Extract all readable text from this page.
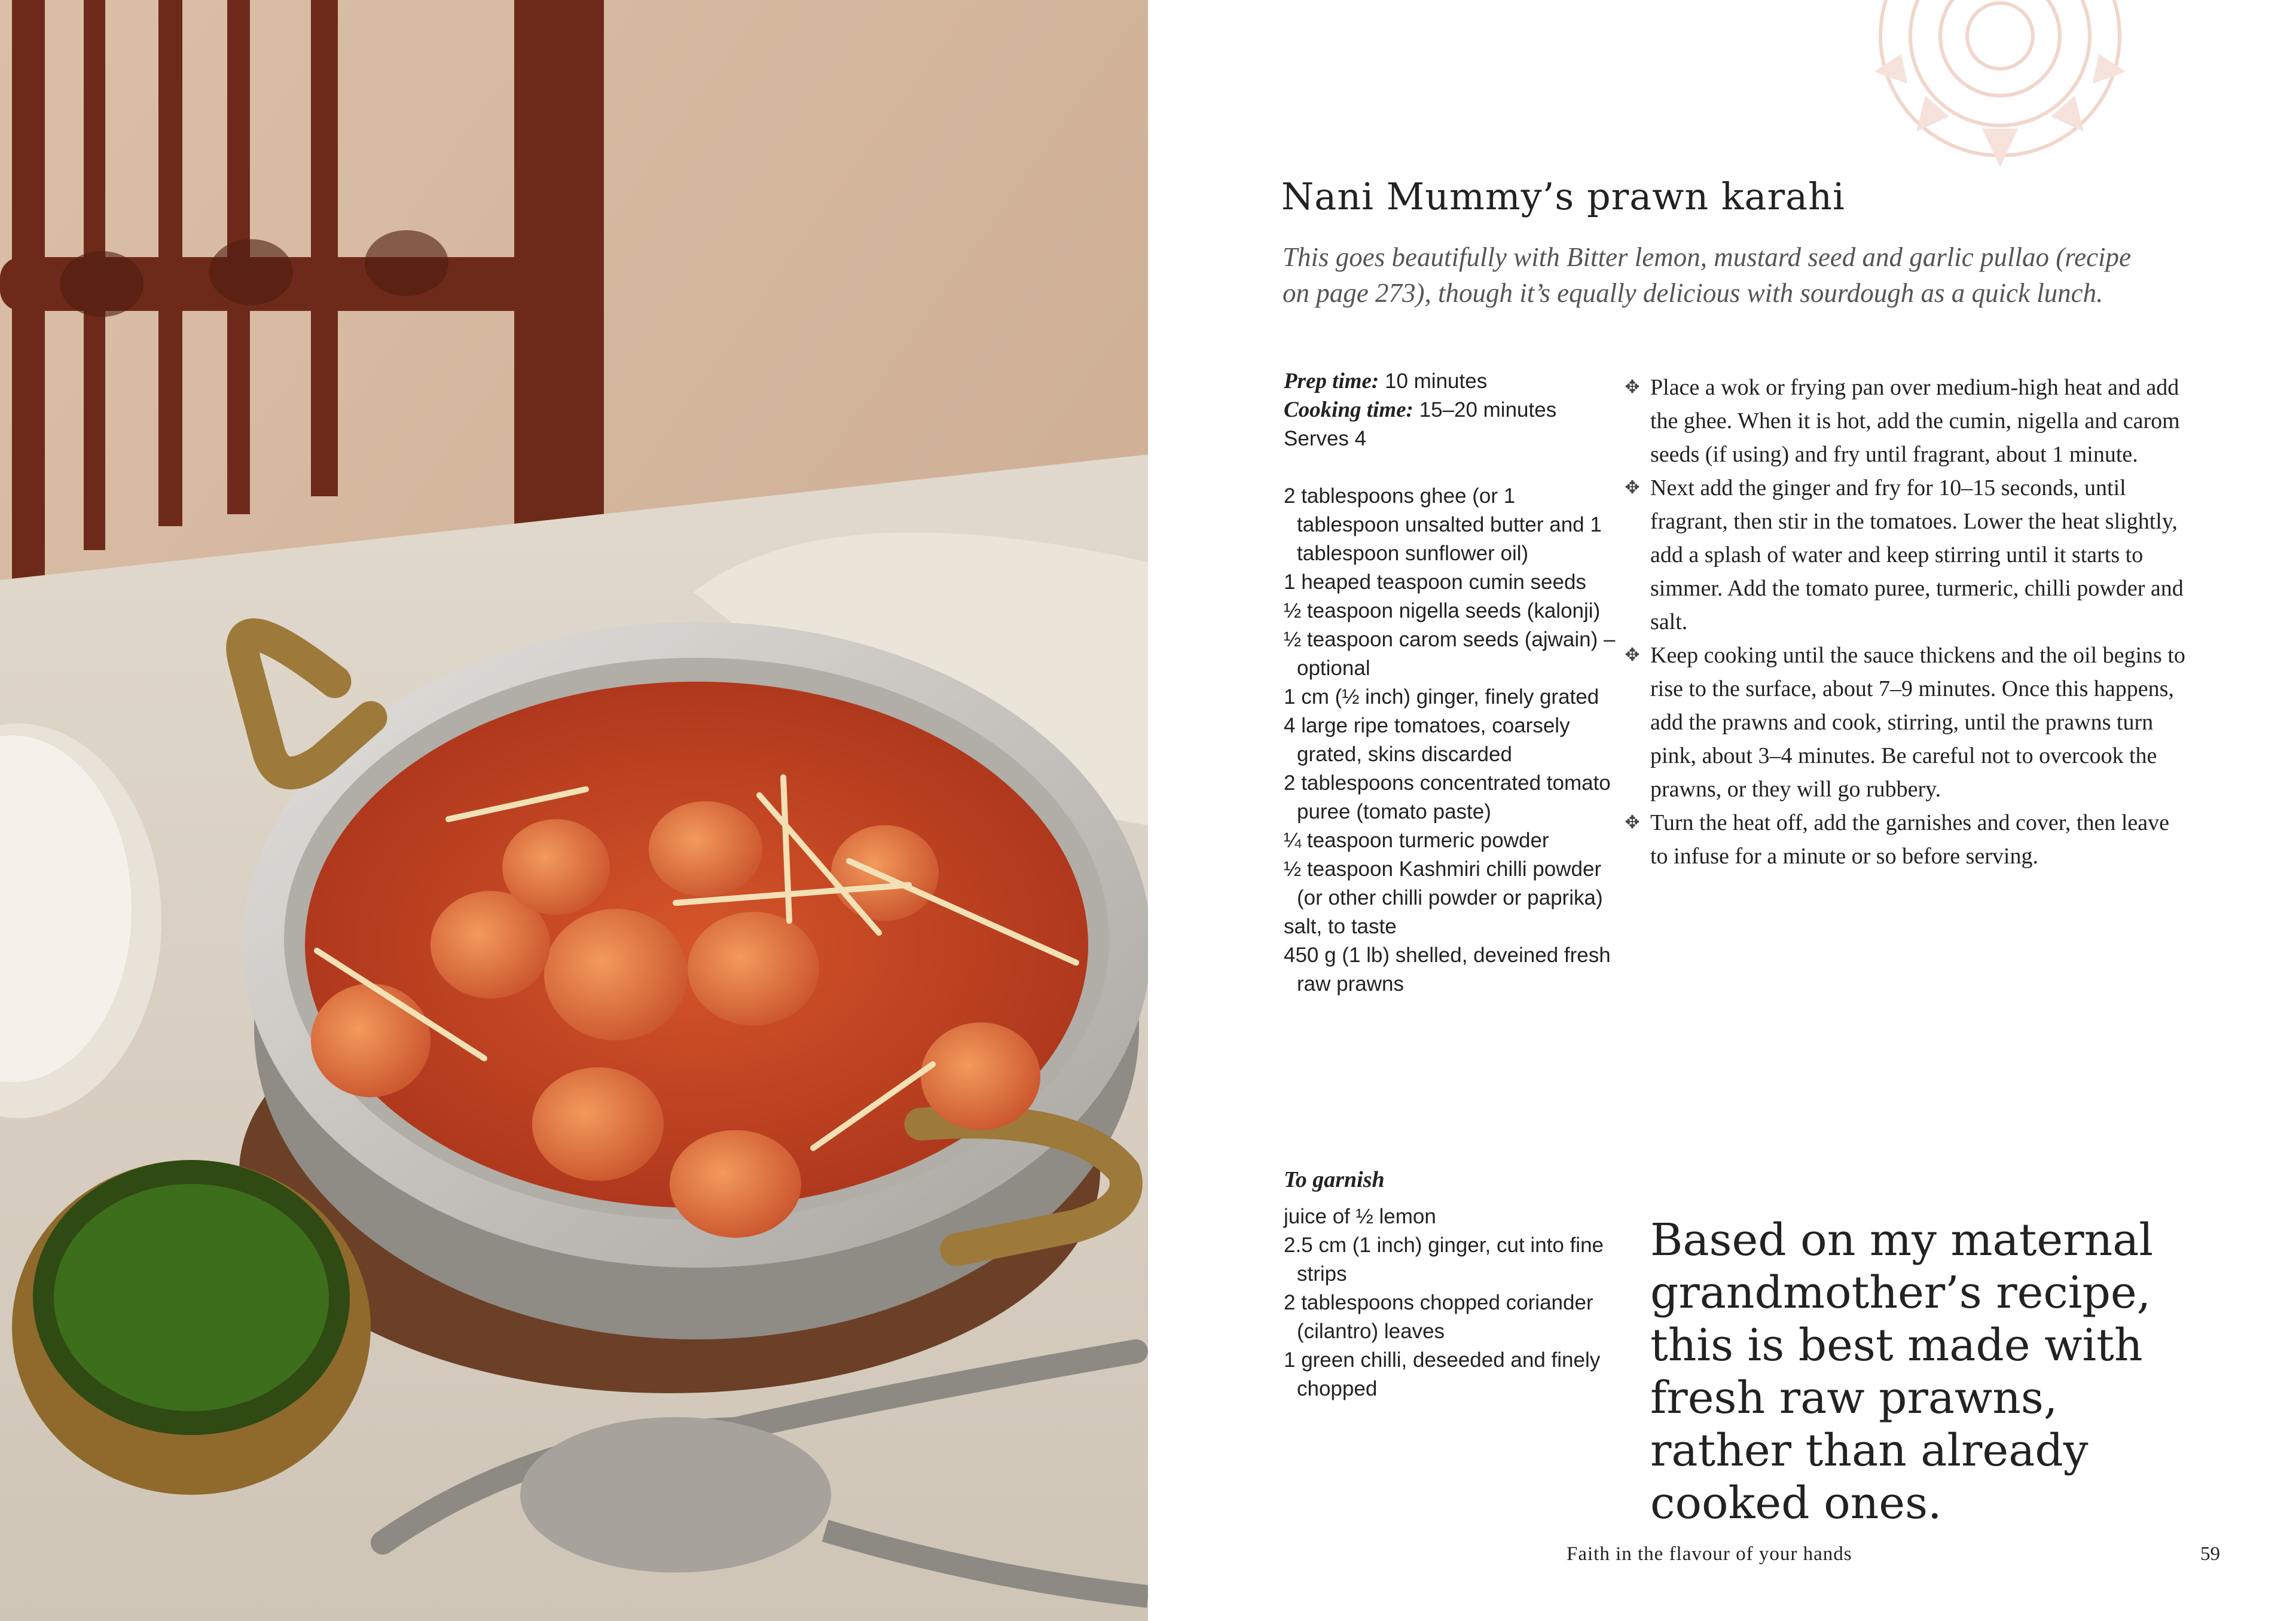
Nani Mummy’s prawn karahi
This goes beautifully with Bitter lemon, mustard seed and garlic pullao (recipe on page 273), though it’s equally delicious with sourdough as a quick lunch.
Prep time: 10 minutes
Cooking time: 15–20 minutes
Serves 4
2 tablespoons ghee (or 1 tablespoon unsalted butter and 1 tablespoon sunflower oil)
1 heaped teaspoon cumin seeds
½ teaspoon nigella seeds (kalonji)
½ teaspoon carom seeds (ajwain) – optional
1 cm (½ inch) ginger, finely grated
4 large ripe tomatoes, coarsely grated, skins discarded
2 tablespoons concentrated tomato puree (tomato paste)
¼ teaspoon turmeric powder
½ teaspoon Kashmiri chilli powder (or other chilli powder or paprika)
salt, to taste
450 g (1 lb) shelled, deveined fresh raw prawns
To garnish
juice of ½ lemon
2.5 cm (1 inch) ginger, cut into fine strips
2 tablespoons chopped coriander (cilantro) leaves
1 green chilli, deseeded and finely chopped
✥ Place a wok or frying pan over medium-high heat and add the ghee. When it is hot, add the cumin, nigella and carom seeds (if using) and fry until fragrant, about 1 minute.
✥ Next add the ginger and fry for 10–15 seconds, until fragrant, then stir in the tomatoes. Lower the heat slightly, add a splash of water and keep stirring until it starts to simmer. Add the tomato puree, turmeric, chilli powder and salt.
✥ Keep cooking until the sauce thickens and the oil begins to rise to the surface, about 7–9 minutes. Once this happens, add the prawns and cook, stirring, until the prawns turn pink, about 3–4 minutes. Be careful not to overcook the prawns, or they will go rubbery.
✥ Turn the heat off, add the garnishes and cover, then leave to infuse for a minute or so before serving.
Based on my maternal grandmother’s recipe, this is best made with fresh raw prawns, rather than already cooked ones.
Faith in the flavour of your hands	59
